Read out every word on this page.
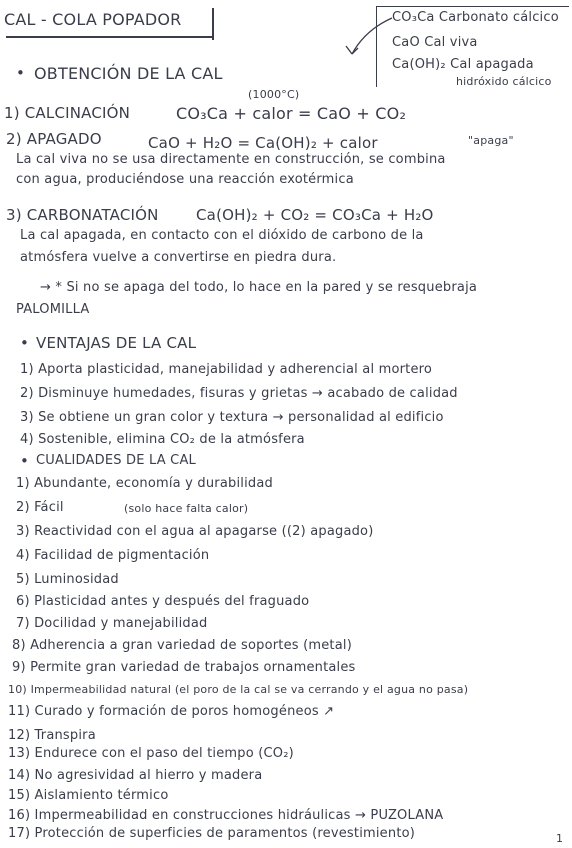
CAL - COLA POPADOR	CO₃Ca Carbonato cálcico
CaO Cal viva
Ca(OH)₂ Cal apagada
hidróxido cálcico
• OBTENCIÓN DE LA CAL
(1000°C)
1) CALCINACIÓN	CO₃Ca + calor = CaO + CO₂
2) APAGADO	CaO + H₂O = Ca(OH)₂ + calor	"apaga"
La cal viva no se usa directamente en construcción, se combina
con agua, produciéndose una reacción exotérmica
3) CARBONATACIÓN Ca(OH)₂ + CO₂ = CO₃Ca + H₂O
La cal apagada, en contacto con el dióxido de carbono de la
atmósfera vuelve a convertirse en piedra dura.
→ * Si no se apaga del todo, lo hace en la pared y se resquebraja
PALOMILLA
• VENTAJAS DE LA CAL
1) Aporta plasticidad, manejabilidad y adherencial al mortero
2) Disminuye humedades, fisuras y grietas → acabado de calidad
3) Se obtiene un gran color y textura → personalidad al edificio
4) Sostenible, elimina CO₂ de la atmósfera
• CUALIDADES DE LA CAL
1) Abundante, economía y durabilidad
2) Fácil	(solo hace falta calor)
3) Reactividad con el agua al apagarse ((2) apagado)
4) Facilidad de pigmentación
5) Luminosidad
6) Plasticidad antes y después del fraguado
7) Docilidad y manejabilidad
8) Adherencia a gran variedad de soportes (metal)
9) Permite gran variedad de trabajos ornamentales
10) Impermeabilidad natural (el poro de la cal se va cerrando y el agua no pasa)
11) Curado y formación de poros homogéneos ↗
12) Transpira
13) Endurece con el paso del tiempo (CO₂)
14) No agresividad al hierro y madera
15) Aislamiento térmico
16) Impermeabilidad en construcciones hidráulicas → PUZOLANA
17) Protección de superficies de paramentos (revestimiento)	1
